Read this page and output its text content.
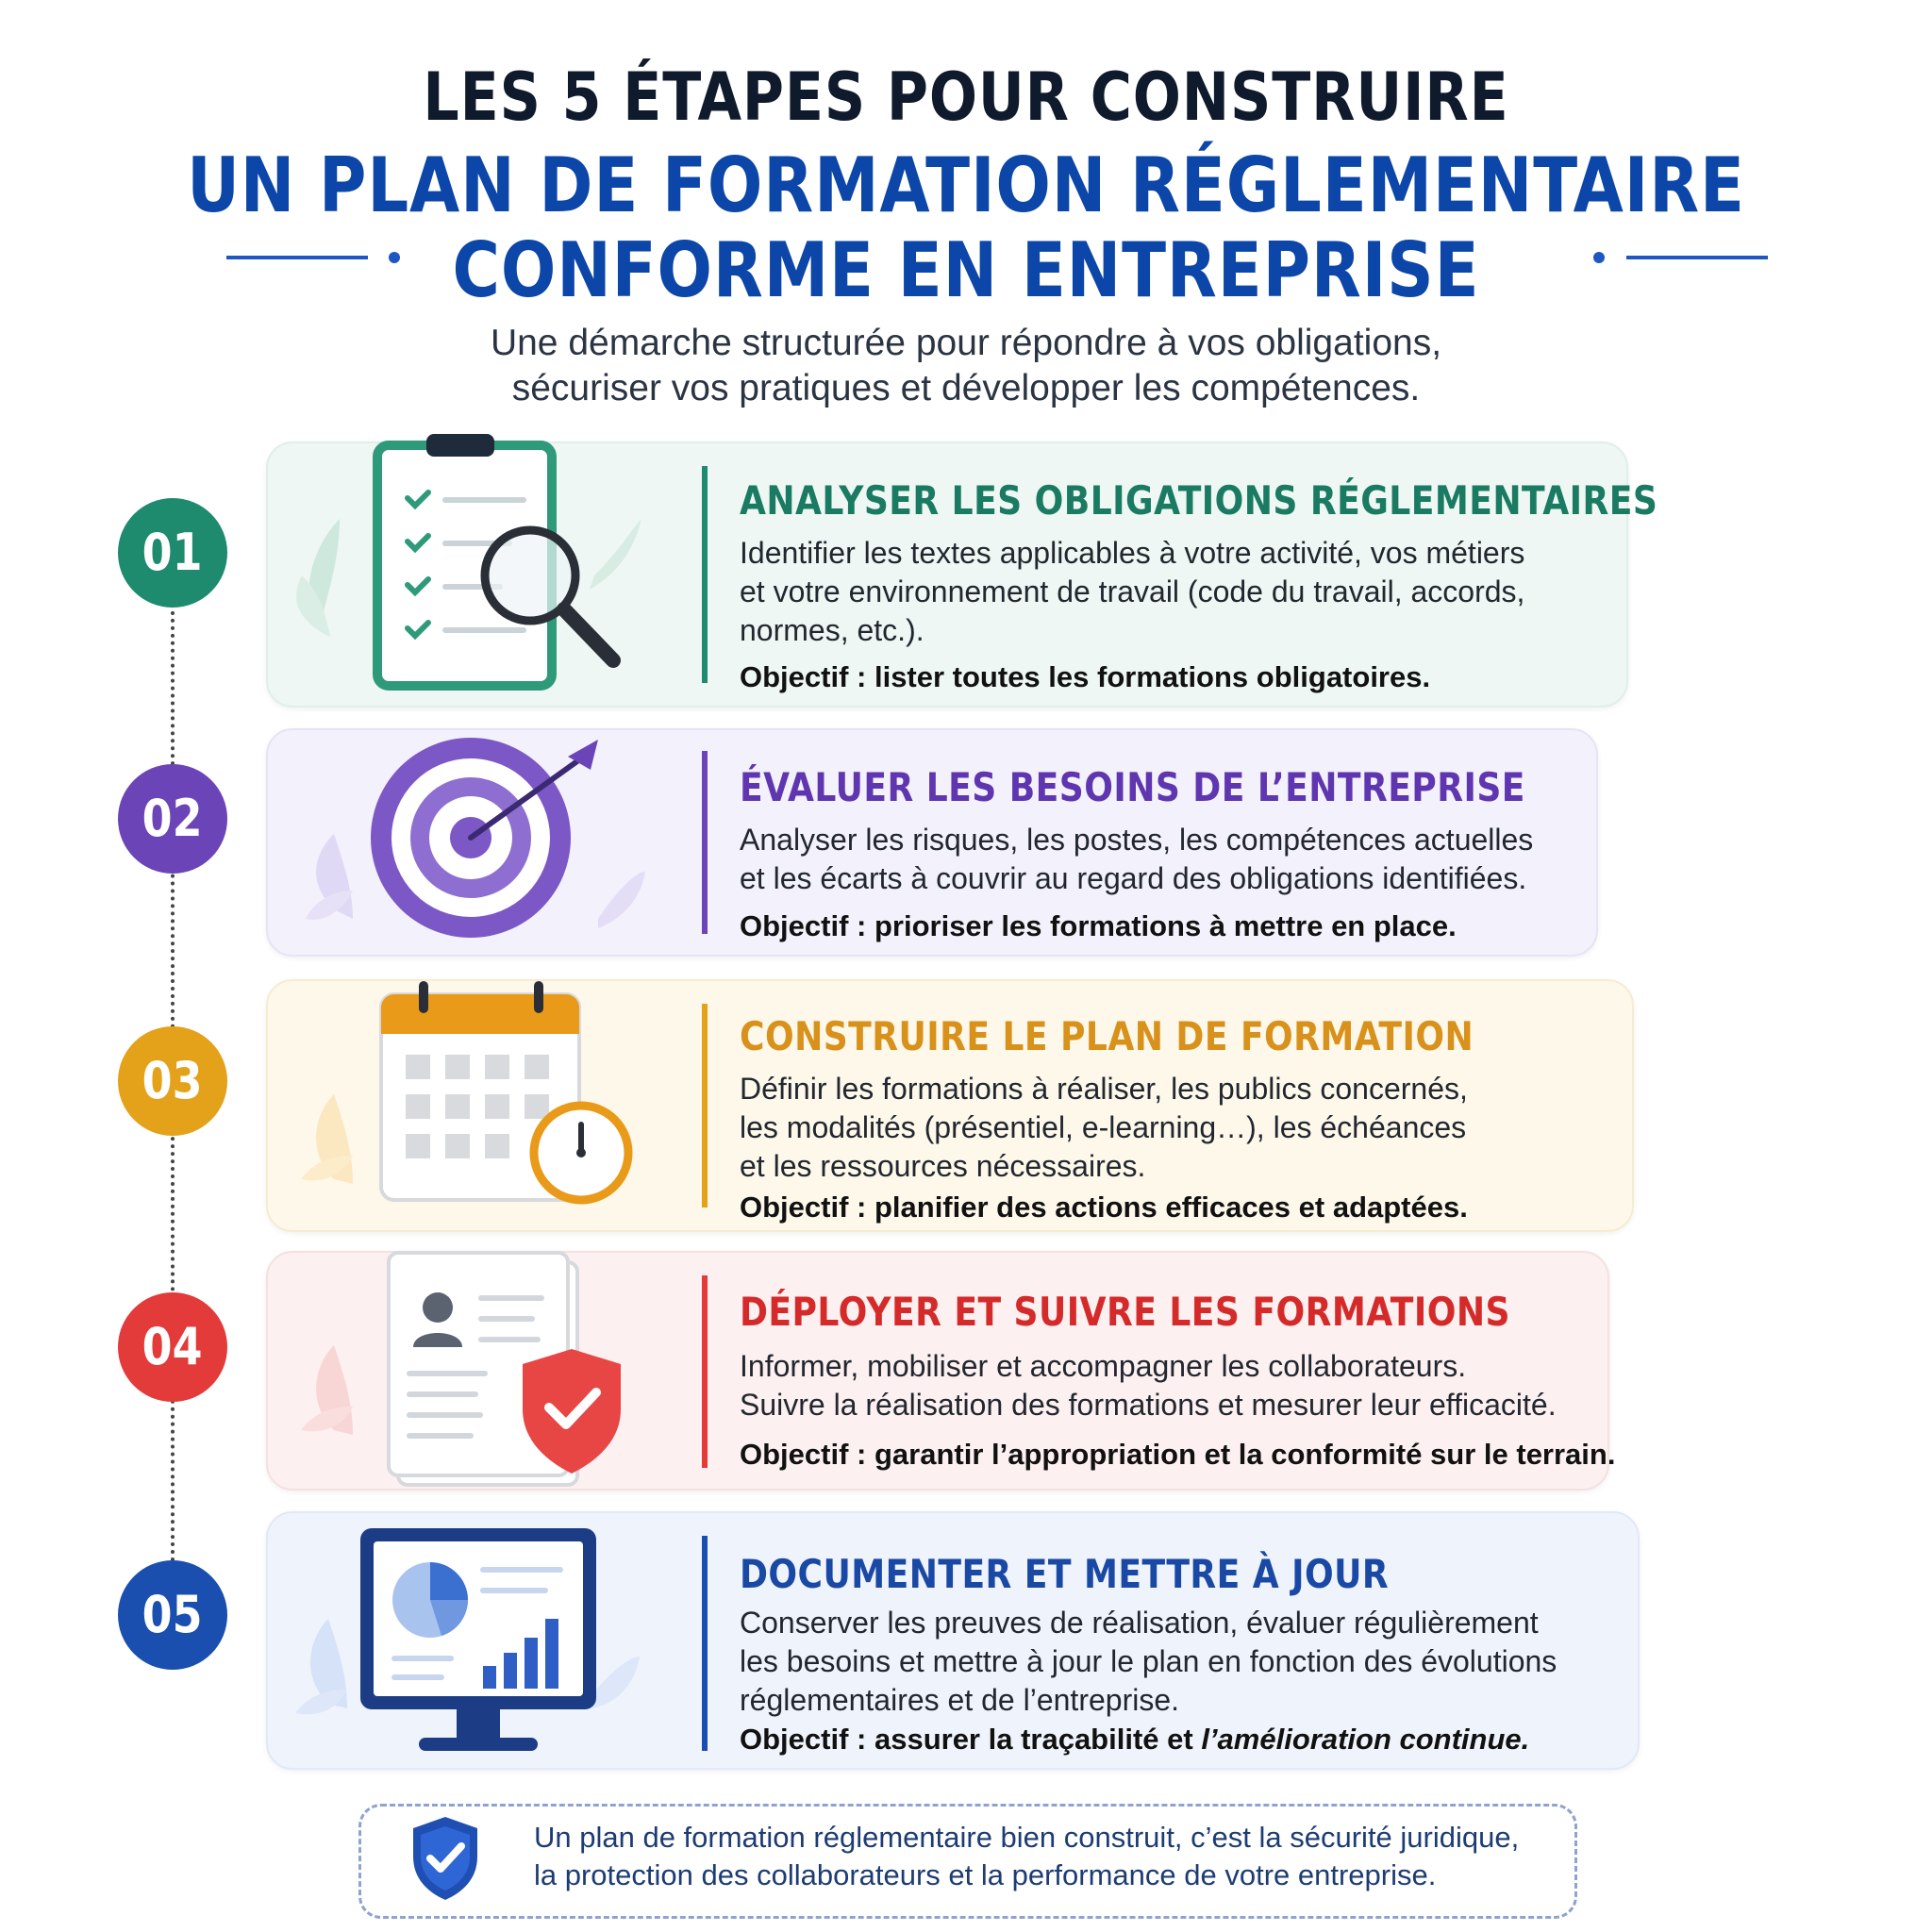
LES 5 ÉTAPES POUR CONSTRUIRE
UN PLAN DE FORMATION RÉGLEMENTAIRE
CONFORME EN ENTREPRISE
Une démarche structurée pour répondre à vos obligations,
sécuriser vos pratiques et développer les compétences.
01
ANALYSER LES OBLIGATIONS RÉGLEMENTAIRES
Identifier les textes applicables à votre activité, vos métiers
et votre environnement de travail (code du travail, accords,
normes, etc.).
Objectif : lister toutes les formations obligatoires.
02
ÉVALUER LES BESOINS DE L’ENTREPRISE
Analyser les risques, les postes, les compétences actuelles
et les écarts à couvrir au regard des obligations identifiées.
Objectif : prioriser les formations à mettre en place.
03
CONSTRUIRE LE PLAN DE FORMATION
Définir les formations à réaliser, les publics concernés,
les modalités (présentiel, e-learning…), les échéances
et les ressources nécessaires.
Objectif : planifier des actions efficaces et adaptées.
04
DÉPLOYER ET SUIVRE LES FORMATIONS
Informer, mobiliser et accompagner les collaborateurs.
Suivre la réalisation des formations et mesurer leur efficacité.
Objectif : garantir l’appropriation et la conformité sur le terrain.
05
DOCUMENTER ET METTRE À JOUR
Conserver les preuves de réalisation, évaluer régulièrement
les besoins et mettre à jour le plan en fonction des évolutions
réglementaires et de l’entreprise.
Objectif : assurer la traçabilité et l’amélioration continue.
Un plan de formation réglementaire bien construit, c’est la sécurité juridique,
la protection des collaborateurs et la performance de votre entreprise.
